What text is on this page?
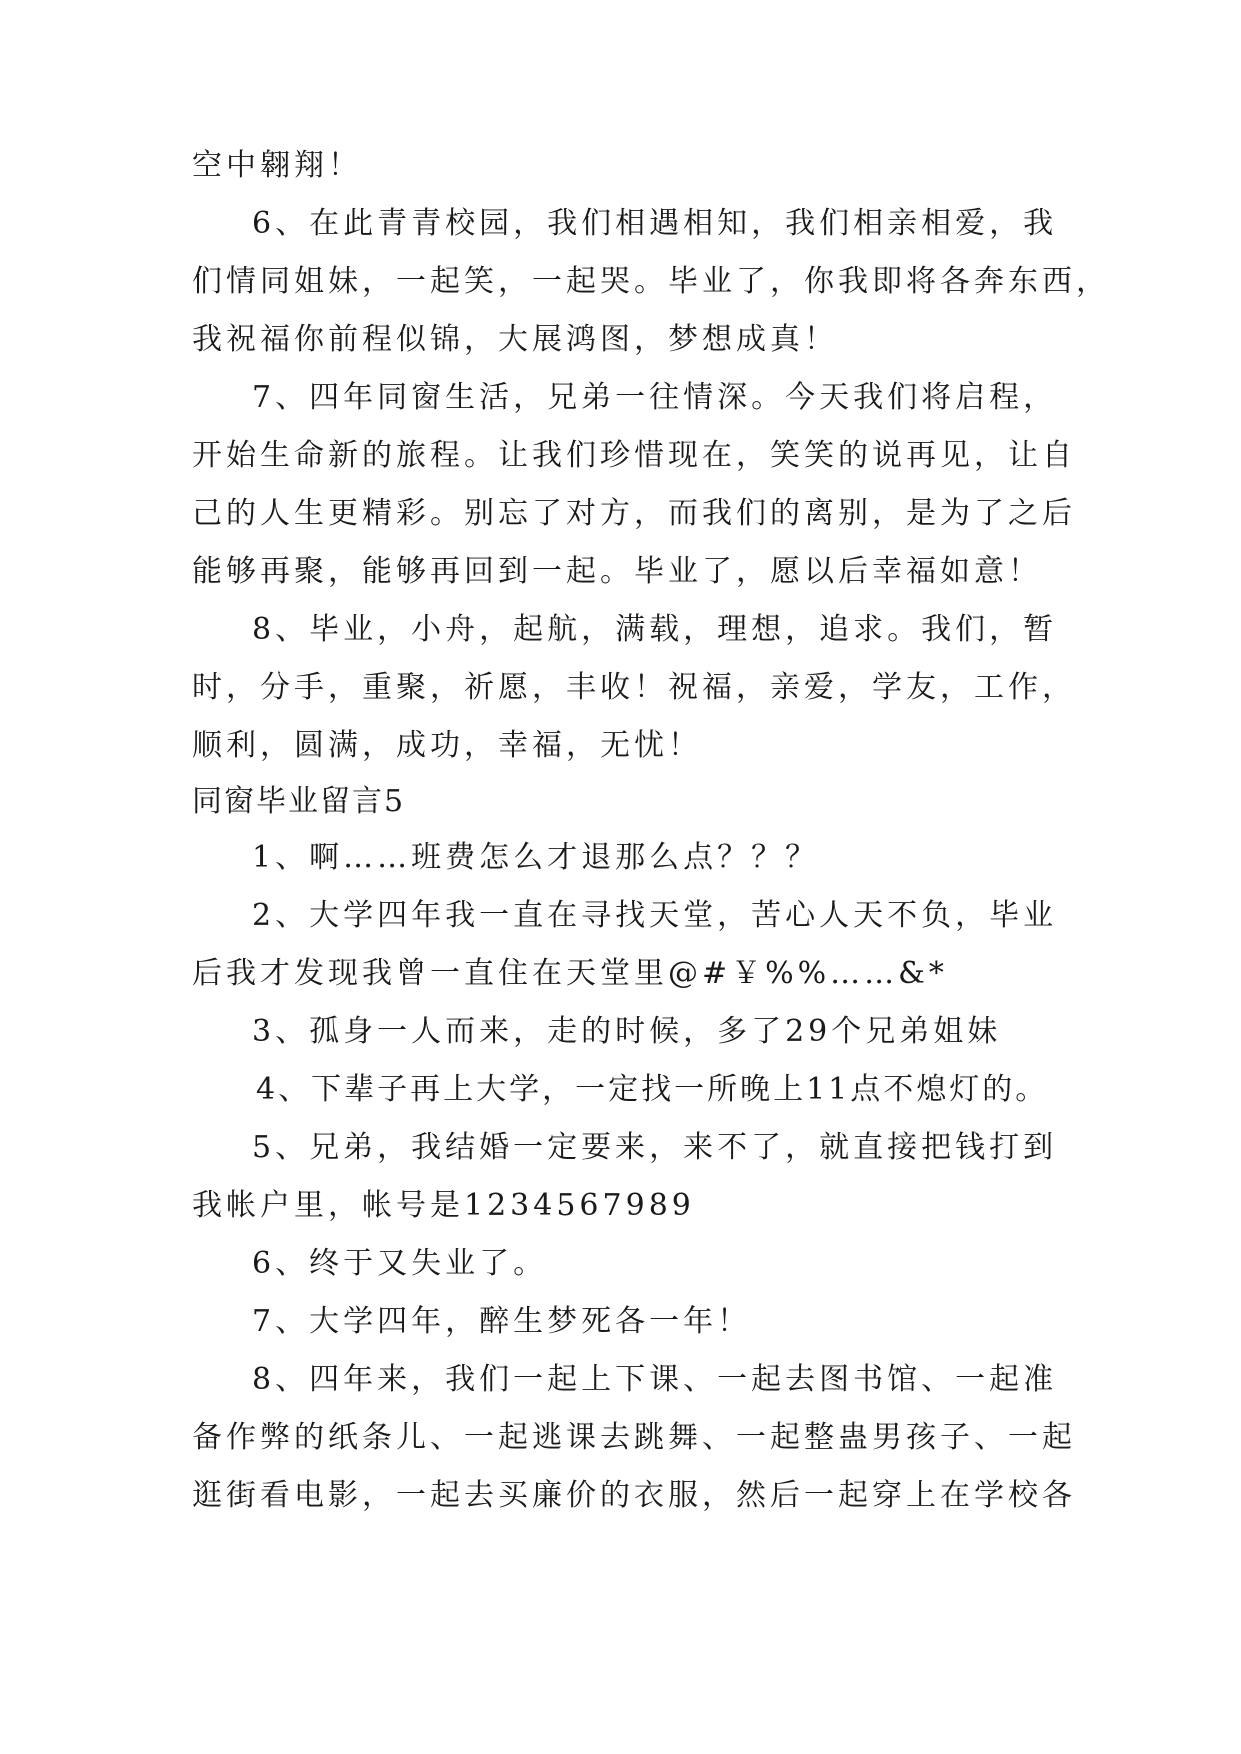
空中翱翔！
6、在此青青校园，我们相遇相知，我们相亲相爱，我
们情同姐妹，一起笑，一起哭。毕业了，你我即将各奔东西，
我祝福你前程似锦，大展鸿图，梦想成真！
7、四年同窗生活，兄弟一往情深。今天我们将启程，
开始生命新的旅程。让我们珍惜现在，笑笑的说再见，让自
己的人生更精彩。别忘了对方，而我们的离别，是为了之后
能够再聚，能够再回到一起。毕业了，愿以后幸福如意！
8、毕业，小舟，起航，满载，理想，追求。我们，暂
时，分手，重聚，祈愿，丰收！祝福，亲爱，学友，工作，
顺利，圆满，成功，幸福，无忧！
同窗毕业留言5
1、啊……班费怎么才退那么点？？？
2、大学四年我一直在寻找天堂，苦心人天不负，毕业
后我才发现我曾一直住在天堂里@#￥%%……&*
3、孤身一人而来，走的时候，多了29个兄弟姐妹
4、下辈子再上大学，一定找一所晚上11点不熄灯的。
5、兄弟，我结婚一定要来，来不了，就直接把钱打到
我帐户里，帐号是1234567989
6、终于又失业了。
7、大学四年，醉生梦死各一年！
8、四年来，我们一起上下课、一起去图书馆、一起准
备作弊的纸条儿、一起逃课去跳舞、一起整蛊男孩子、一起
逛街看电影，一起去买廉价的衣服，然后一起穿上在学校各
